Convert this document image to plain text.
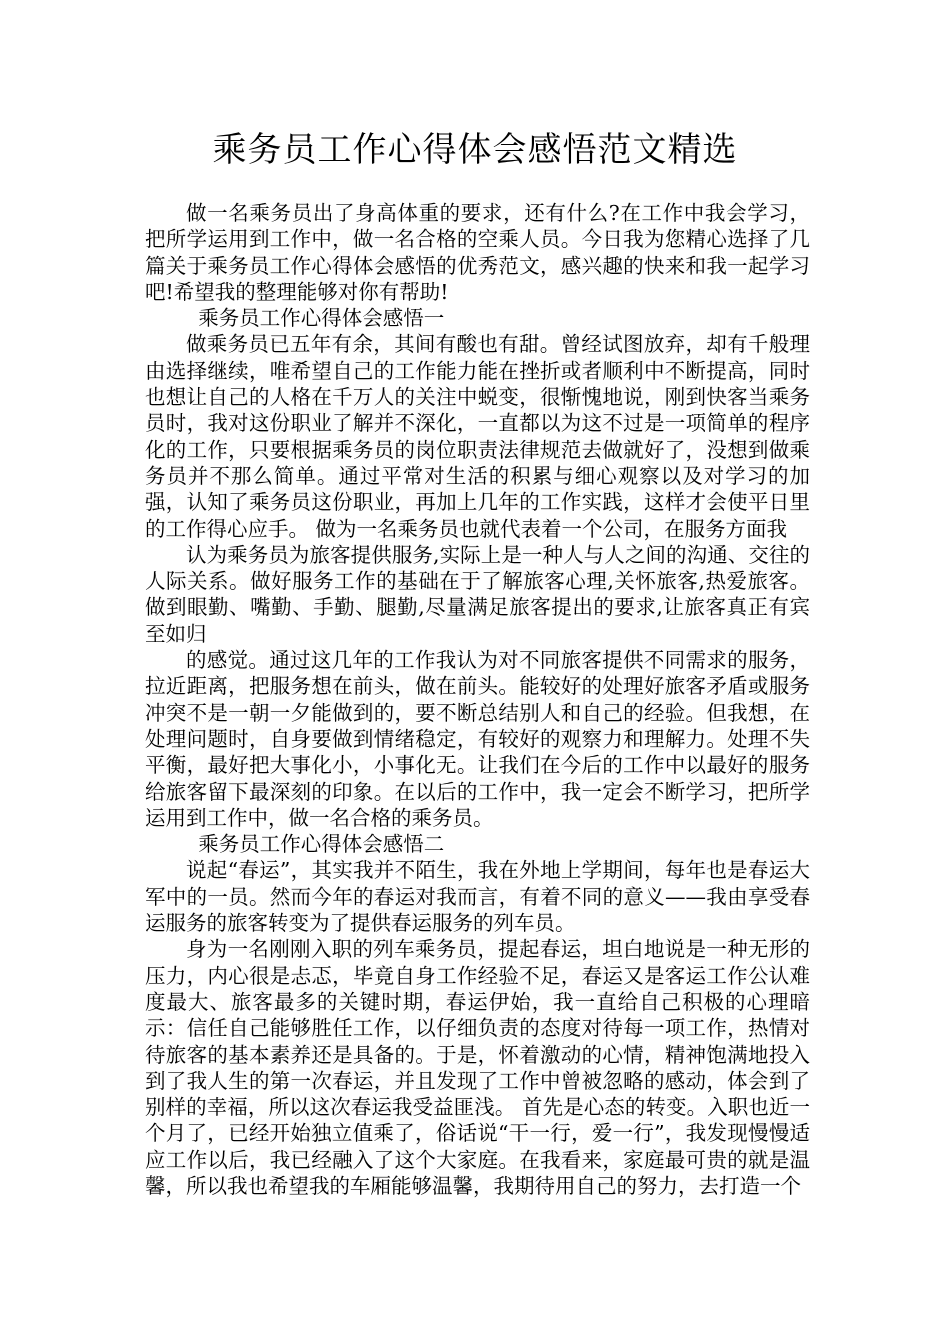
乘务员工作心得体会感悟范文精选

做一名乘务员出了身高体重的要求，还有什么?在工作中我会学习，把所学运用到工作中，做一名合格的空乘人员。今日我为您精心选择了几篇关于乘务员工作心得体会感悟的优秀范文，感兴趣的快来和我一起学习吧!希望我的整理能够对你有帮助!

乘务员工作心得体会感悟一

做乘务员已五年有余，其间有酸也有甜。曾经试图放弃，却有千般理由选择继续，唯希望自己的工作能力能在挫折或者顺利中不断提高，同时也想让自己的人格在千万人的关注中蜕变，很惭愧地说，刚到快客当乘务员时，我对这份职业了解并不深化，一直都以为这不过是一项简单的程序化的工作，只要根据乘务员的岗位职责法律规范去做就好了，没想到做乘务员并不那么简单。通过平常对生活的积累与细心观察以及对学习的加强，认知了乘务员这份职业，再加上几年的工作实践，这样才会使平日里的工作得心应手。 做为一名乘务员也就代表着一个公司，在服务方面我

认为乘务员为旅客提供服务,实际上是一种人与人之间的沟通、交往的人际关系。做好服务工作的基础在于了解旅客心理,关怀旅客,热爱旅客。做到眼勤、嘴勤、手勤、腿勤,尽量满足旅客提出的要求,让旅客真正有宾至如归

的感觉。通过这几年的工作我认为对不同旅客提供不同需求的服务，拉近距离，把服务想在前头，做在前头。能较好的处理好旅客矛盾或服务冲突不是一朝一夕能做到的，要不断总结别人和自己的经验。但我想，在处理问题时，自身要做到情绪稳定，有较好的观察力和理解力。处理不失平衡，最好把大事化小，小事化无。让我们在今后的工作中以最好的服务给旅客留下最深刻的印象。在以后的工作中，我一定会不断学习，把所学运用到工作中，做一名合格的乘务员。

乘务员工作心得体会感悟二

说起“春运”，其实我并不陌生，我在外地上学期间，每年也是春运大军中的一员。然而今年的春运对我而言，有着不同的意义——我由享受春运服务的旅客转变为了提供春运服务的列车员。

身为一名刚刚入职的列车乘务员，提起春运，坦白地说是一种无形的压力，内心很是忐忑，毕竟自身工作经验不足，春运又是客运工作公认难度最大、旅客最多的关键时期，春运伊始，我一直给自己积极的心理暗示：信任自己能够胜任工作，以仔细负责的态度对待每一项工作，热情对待旅客的基本素养还是具备的。于是，怀着激动的心情，精神饱满地投入到了我人生的第一次春运，并且发现了工作中曾被忽略的感动，体会到了别样的幸福，所以这次春运我受益匪浅。 首先是心态的转变。入职也近一个月了，已经开始独立值乘了，俗话说“干一行，爱一行”，我发现慢慢适应工作以后，我已经融入了这个大家庭。在我看来，家庭最可贵的就是温馨，所以我也希望我的车厢能够温馨，我期待用自己的努力，去打造一个
